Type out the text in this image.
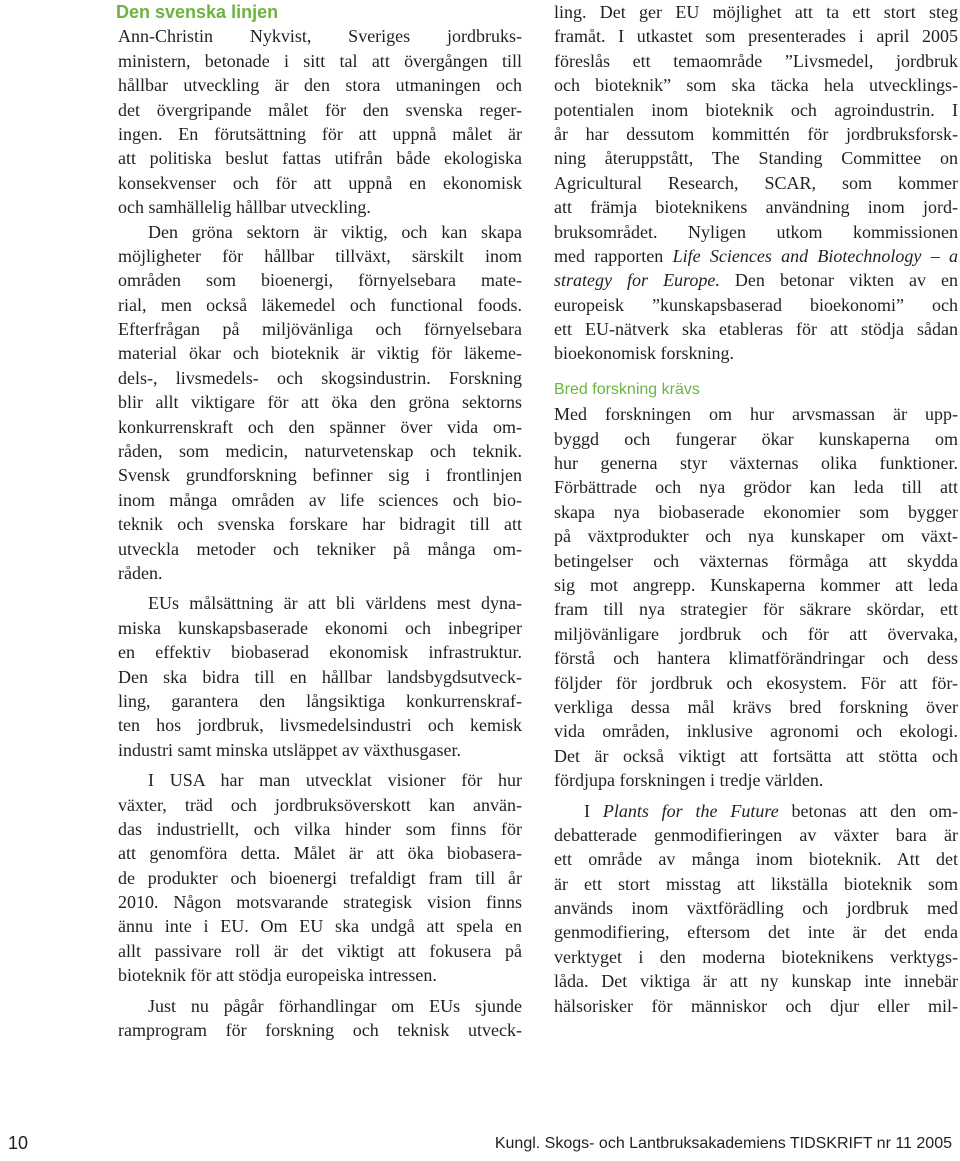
Den svenska linjen
Ann-Christin Nykvist, Sveriges jordbruks-
ministern, betonade i sitt tal att övergången till
hållbar utveckling är den stora utmaningen och
det övergripande målet för den svenska reger-
ingen. En förutsättning för att uppnå målet är
att politiska beslut fattas utifrån både ekologiska
konsekvenser och för att uppnå en ekonomisk
och samhällelig hållbar utveckling.
Den gröna sektorn är viktig, och kan skapa
möjligheter för hållbar tillväxt, särskilt inom
områden som bioenergi, förnyelsebara mate-
rial, men också läkemedel och functional foods.
Efterfrågan på miljövänliga och förnyelsebara
material ökar och bioteknik är viktig för läkeme-
dels-, livsmedels- och skogsindustrin. Forskning
blir allt viktigare för att öka den gröna sektorns
konkurrenskraft och den spänner över vida om-
råden, som medicin, naturvetenskap och teknik.
Svensk grundforskning befinner sig i frontlinjen
inom många områden av life sciences och bio-
teknik och svenska forskare har bidragit till att
utveckla metoder och tekniker på många om-
råden.
EUs målsättning är att bli världens mest dyna-
miska kunskapsbaserade ekonomi och inbegriper
en effektiv biobaserad ekonomisk infrastruktur.
Den ska bidra till en hållbar landsbygdsutveck-
ling, garantera den långsiktiga konkurrenskraf-
ten hos jordbruk, livsmedelsindustri och kemisk
industri samt minska utsläppet av växthusgaser.
I USA har man utvecklat visioner för hur
växter, träd och jordbruksöverskott kan använ-
das industriellt, och vilka hinder som finns för
att genomföra detta. Målet är att öka biobasera-
de produkter och bioenergi trefaldigt fram till år
2010. Någon motsvarande strategisk vision finns
ännu inte i EU. Om EU ska undgå att spela en
allt passivare roll är det viktigt att fokusera på
bioteknik för att stödja europeiska intressen.
Just nu pågår förhandlingar om EUs sjunde
ramprogram för forskning och teknisk utveck-
ling. Det ger EU möjlighet att ta ett stort steg
framåt. I utkastet som presenterades i april 2005
föreslås ett temaområde ”Livsmedel, jordbruk
och bioteknik” som ska täcka hela utvecklings-
potentialen inom bioteknik och agroindustrin. I
år har dessutom kommittén för jordbruksforsk-
ning återuppstått, The Standing Committee on
Agricultural Research, SCAR, som kommer
att främja bioteknikens användning inom jord-
bruksområdet. Nyligen utkom kommissionen
med rapporten Life Sciences and Biotechnology – a
strategy for Europe. Den betonar vikten av en
europeisk ”kunskapsbaserad bioekonomi” och
ett EU-nätverk ska etableras för att stödja sådan
bioekonomisk forskning.
Bred forskning krävs
Med forskningen om hur arvsmassan är upp-
byggd och fungerar ökar kunskaperna om
hur generna styr växternas olika funktioner.
Förbättrade och nya grödor kan leda till att
skapa nya biobaserade ekonomier som bygger
på växtprodukter och nya kunskaper om växt-
betingelser och växternas förmåga att skydda
sig mot angrepp. Kunskaperna kommer att leda
fram till nya strategier för säkrare skördar, ett
miljövänligare jordbruk och för att övervaka,
förstå och hantera klimatförändringar och dess
följder för jordbruk och ekosystem. För att för-
verkliga dessa mål krävs bred forskning över
vida områden, inklusive agronomi och ekologi.
Det är också viktigt att fortsätta att stötta och
fördjupa forskningen i tredje världen.
I Plants for the Future betonas att den om-
debatterade genmodifieringen av växter bara är
ett område av många inom bioteknik. Att det
är ett stort misstag att likställa bioteknik som
används inom växtförädling och jordbruk med
genmodifiering, eftersom det inte är det enda
verktyget i den moderna bioteknikens verktygs-
låda. Det viktiga är att ny kunskap inte innebär
hälsorisker för människor och djur eller mil-
10	Kungl. Skogs- och Lantbruksakademiens TIDSKRIFT nr 11 2005
